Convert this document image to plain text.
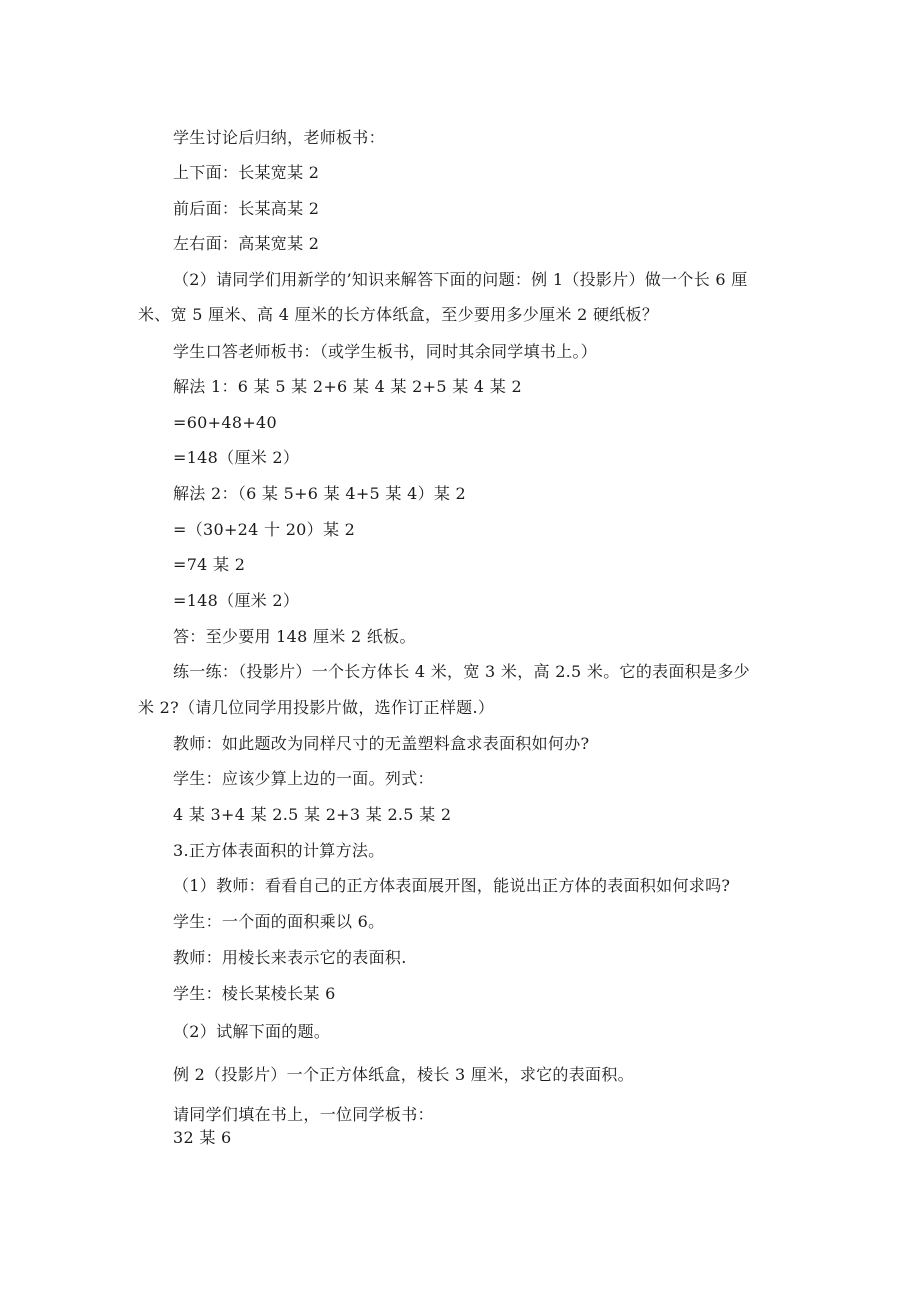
学生讨论后归纳，老师板书：
上下面：长某宽某 2
前后面：长某高某 2
左右面：高某宽某 2
（2）请同学们用新学的’知识来解答下面的问题：例 1（投影片）做一个长 6 厘
米、宽 5 厘米、高 4 厘米的长方体纸盒，至少要用多少厘米 2 硬纸板？
学生口答老师板书：（或学生板书，同时其余同学填书上。）
解法 1：6 某 5 某 2+6 某 4 某 2+5 某 4 某 2
=60+48+40
=148（厘米 2）
解法 2：（6 某 5+6 某 4+5 某 4）某 2
=（30+24 十 20）某 2
=74 某 2
=148（厘米 2）
答：至少要用 148 厘米 2 纸板。
练一练：（投影片）一个长方体长 4 米，宽 3 米，高 2.5 米。它的表面积是多少
米 2?（请几位同学用投影片做，选作订正样题.）
教师：如此题改为同样尺寸的无盖塑料盒求表面积如何办?
学生：应该少算上边的一面。列式：
4 某 3+4 某 2.5 某 2+3 某 2.5 某 2
3.正方体表面积的计算方法。
（1）教师：看看自己的正方体表面展开图，能说出正方体的表面积如何求吗?
学生：一个面的面积乘以 6。
教师：用棱长来表示它的表面积.
学生：棱长某棱长某 6
（2）试解下面的题。
例 2（投影片）一个正方体纸盒，棱长 3 厘米，求它的表面积。
请同学们填在书上，一位同学板书：
32 某 6
